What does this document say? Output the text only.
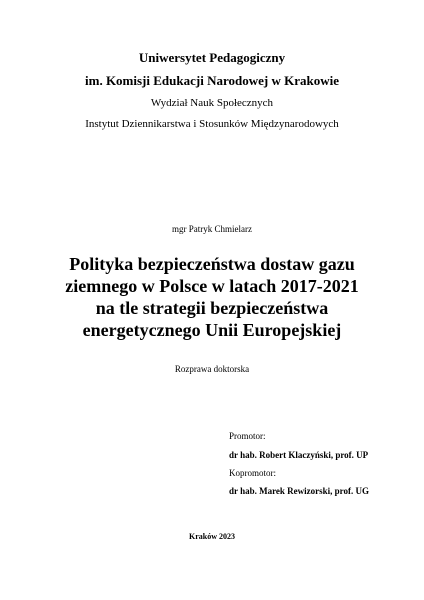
Uniwersytet Pedagogiczny
im. Komisji Edukacji Narodowej w Krakowie
Wydział Nauk Społecznych
Instytut Dziennikarstwa i Stosunków Międzynarodowych
mgr Patryk Chmielarz
Polityka bezpieczeństwa dostaw gazu
ziemnego w Polsce w latach 2017-2021
na tle strategii bezpieczeństwa
energetycznego Unii Europejskiej
Rozprawa doktorska
Promotor:
dr hab. Robert Klaczyński, prof. UP
Kopromotor:
dr hab. Marek Rewizorski, prof. UG
Kraków 2023
